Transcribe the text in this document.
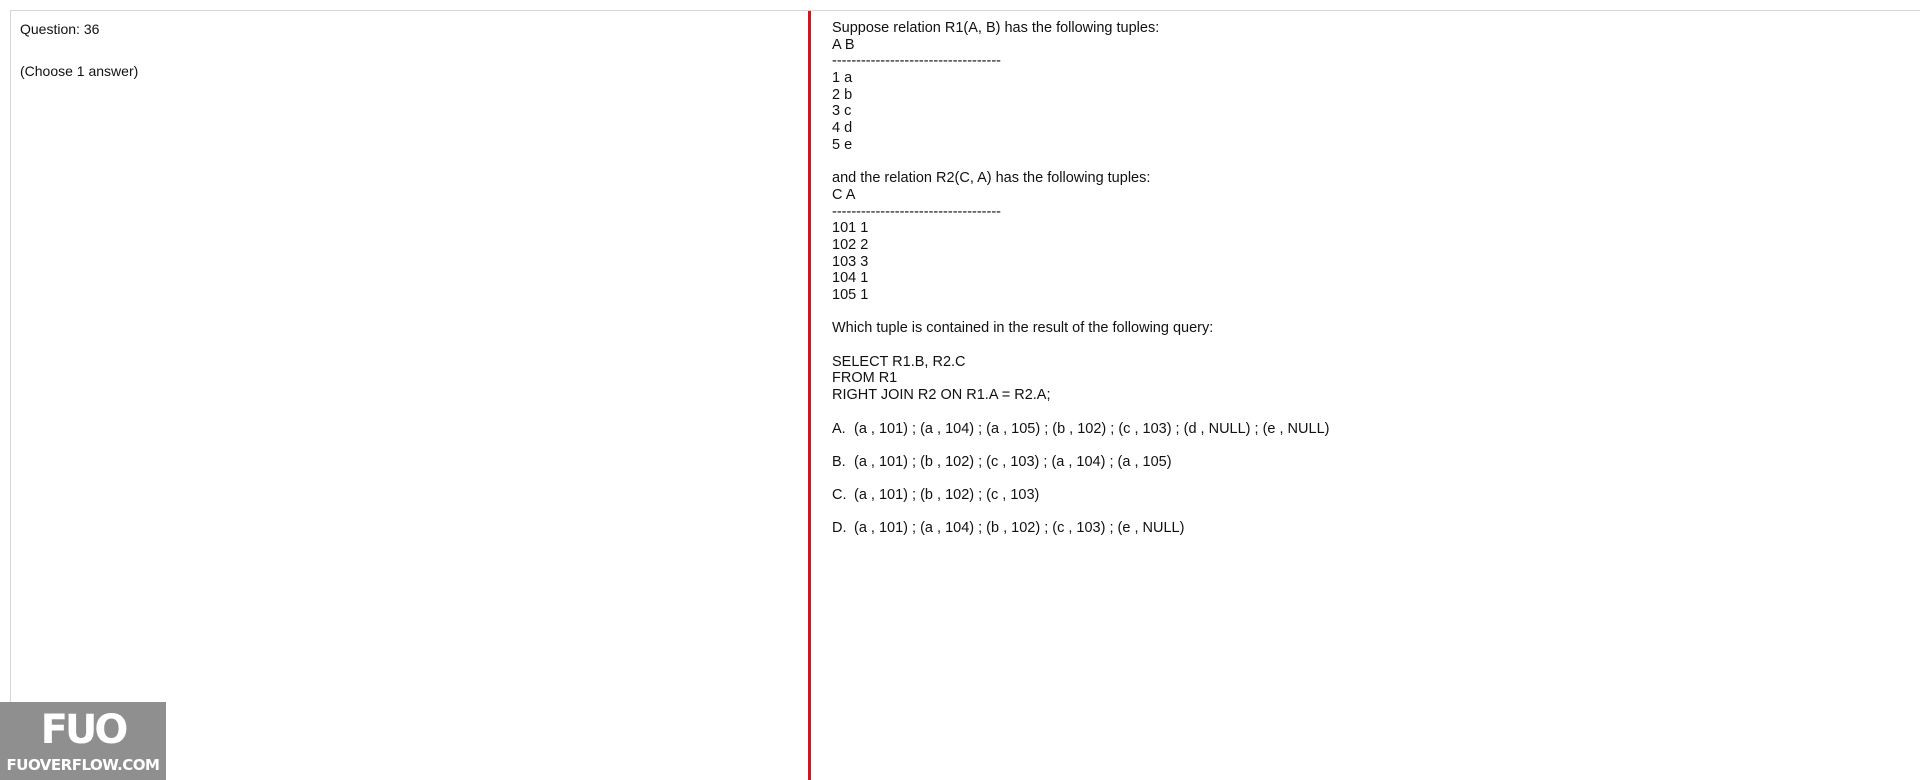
Question: 36
(Choose 1 answer)
Suppose relation R1(A, B) has the following tuples:
A B
-----------------------------------
1 a
2 b
3 c
4 d
5 e
and the relation R2(C, A) has the following tuples:
C A
-----------------------------------
101 1
102 2
103 3
104 1
105 1
Which tuple is contained in the result of the following query:
SELECT R1.B, R2.C
FROM R1
RIGHT JOIN R2 ON R1.A = R2.A;
A. (a , 101) ; (a , 104) ; (a , 105) ; (b , 102) ; (c , 103) ; (d , NULL) ; (e , NULL)
B. (a , 101) ; (b , 102) ; (c , 103) ; (a , 104) ; (a , 105)
C. (a , 101) ; (b , 102) ; (c , 103)
D. (a , 101) ; (a , 104) ; (b , 102) ; (c , 103) ; (e , NULL)
FUO
FUOVERFLOW.COM
